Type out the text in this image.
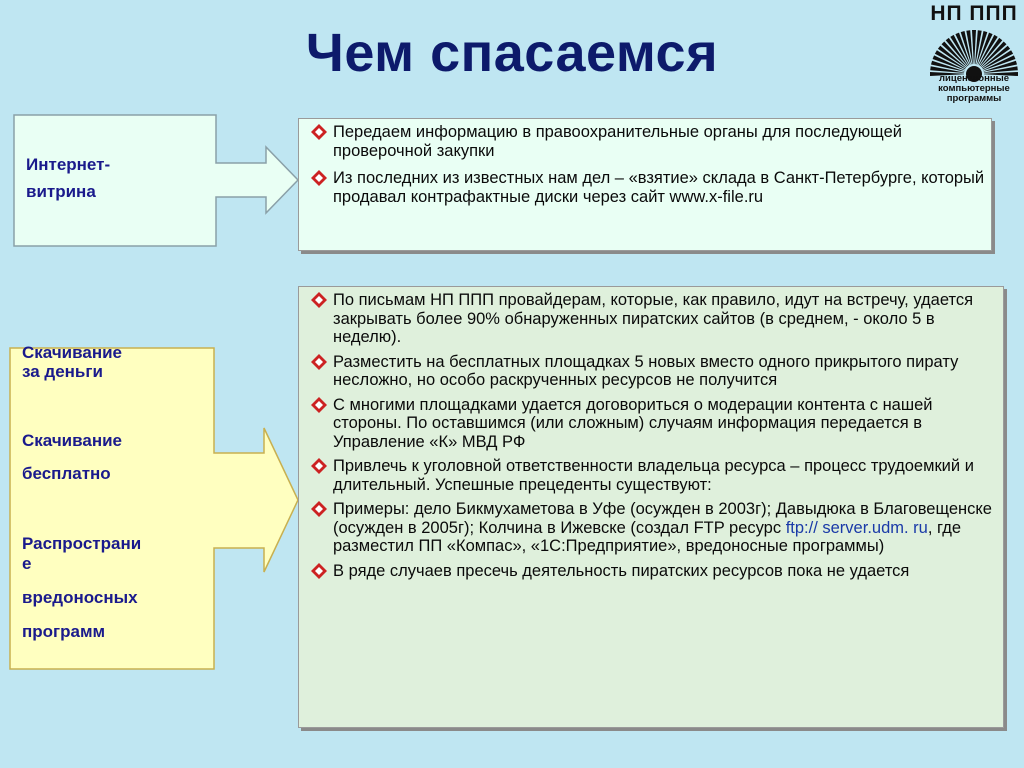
Чем спасаемся
НП ППП
лицензионные
компьютерные
программы
Интернет-
витрина
Скачивание
за деньги
Скачивание
бесплатно
Распространи
е
вредоносных
программ
Передаем информацию в правоохранительные органы для последующей проверочной закупки
Из последних из известных нам дел – «взятие» склада в Санкт-Петербурге, который продавал контрафактные диски через сайт www.x-file.ru
По письмам НП ППП провайдерам, которые, как правило, идут на встречу, удается закрывать более 90% обнаруженных пиратских сайтов (в среднем, - около 5 в неделю).
Разместить на бесплатных площадках 5 новых вместо одного прикрытого пирату несложно, но особо раскрученных ресурсов не получится
С многими площадками удается договориться о модерации контента с нашей стороны. По оставшимся (или сложным) случаям информация передается в Управление «К» МВД РФ
Привлечь к уголовной ответственности владельца ресурса – процесс трудоемкий и длительный. Успешные прецеденты существуют:
Примеры: дело Бикмухаметова в Уфе (осужден в 2003г); Давыдюка в Благовещенске (осужден в 2005г); Колчина в Ижевске (создал FTP ресурс ftp:// server.udm. ru, где разместил ПП «Компас», «1С:Предприятие», вредоносные программы)
В ряде случаев пресечь деятельность пиратских ресурсов пока не удается
